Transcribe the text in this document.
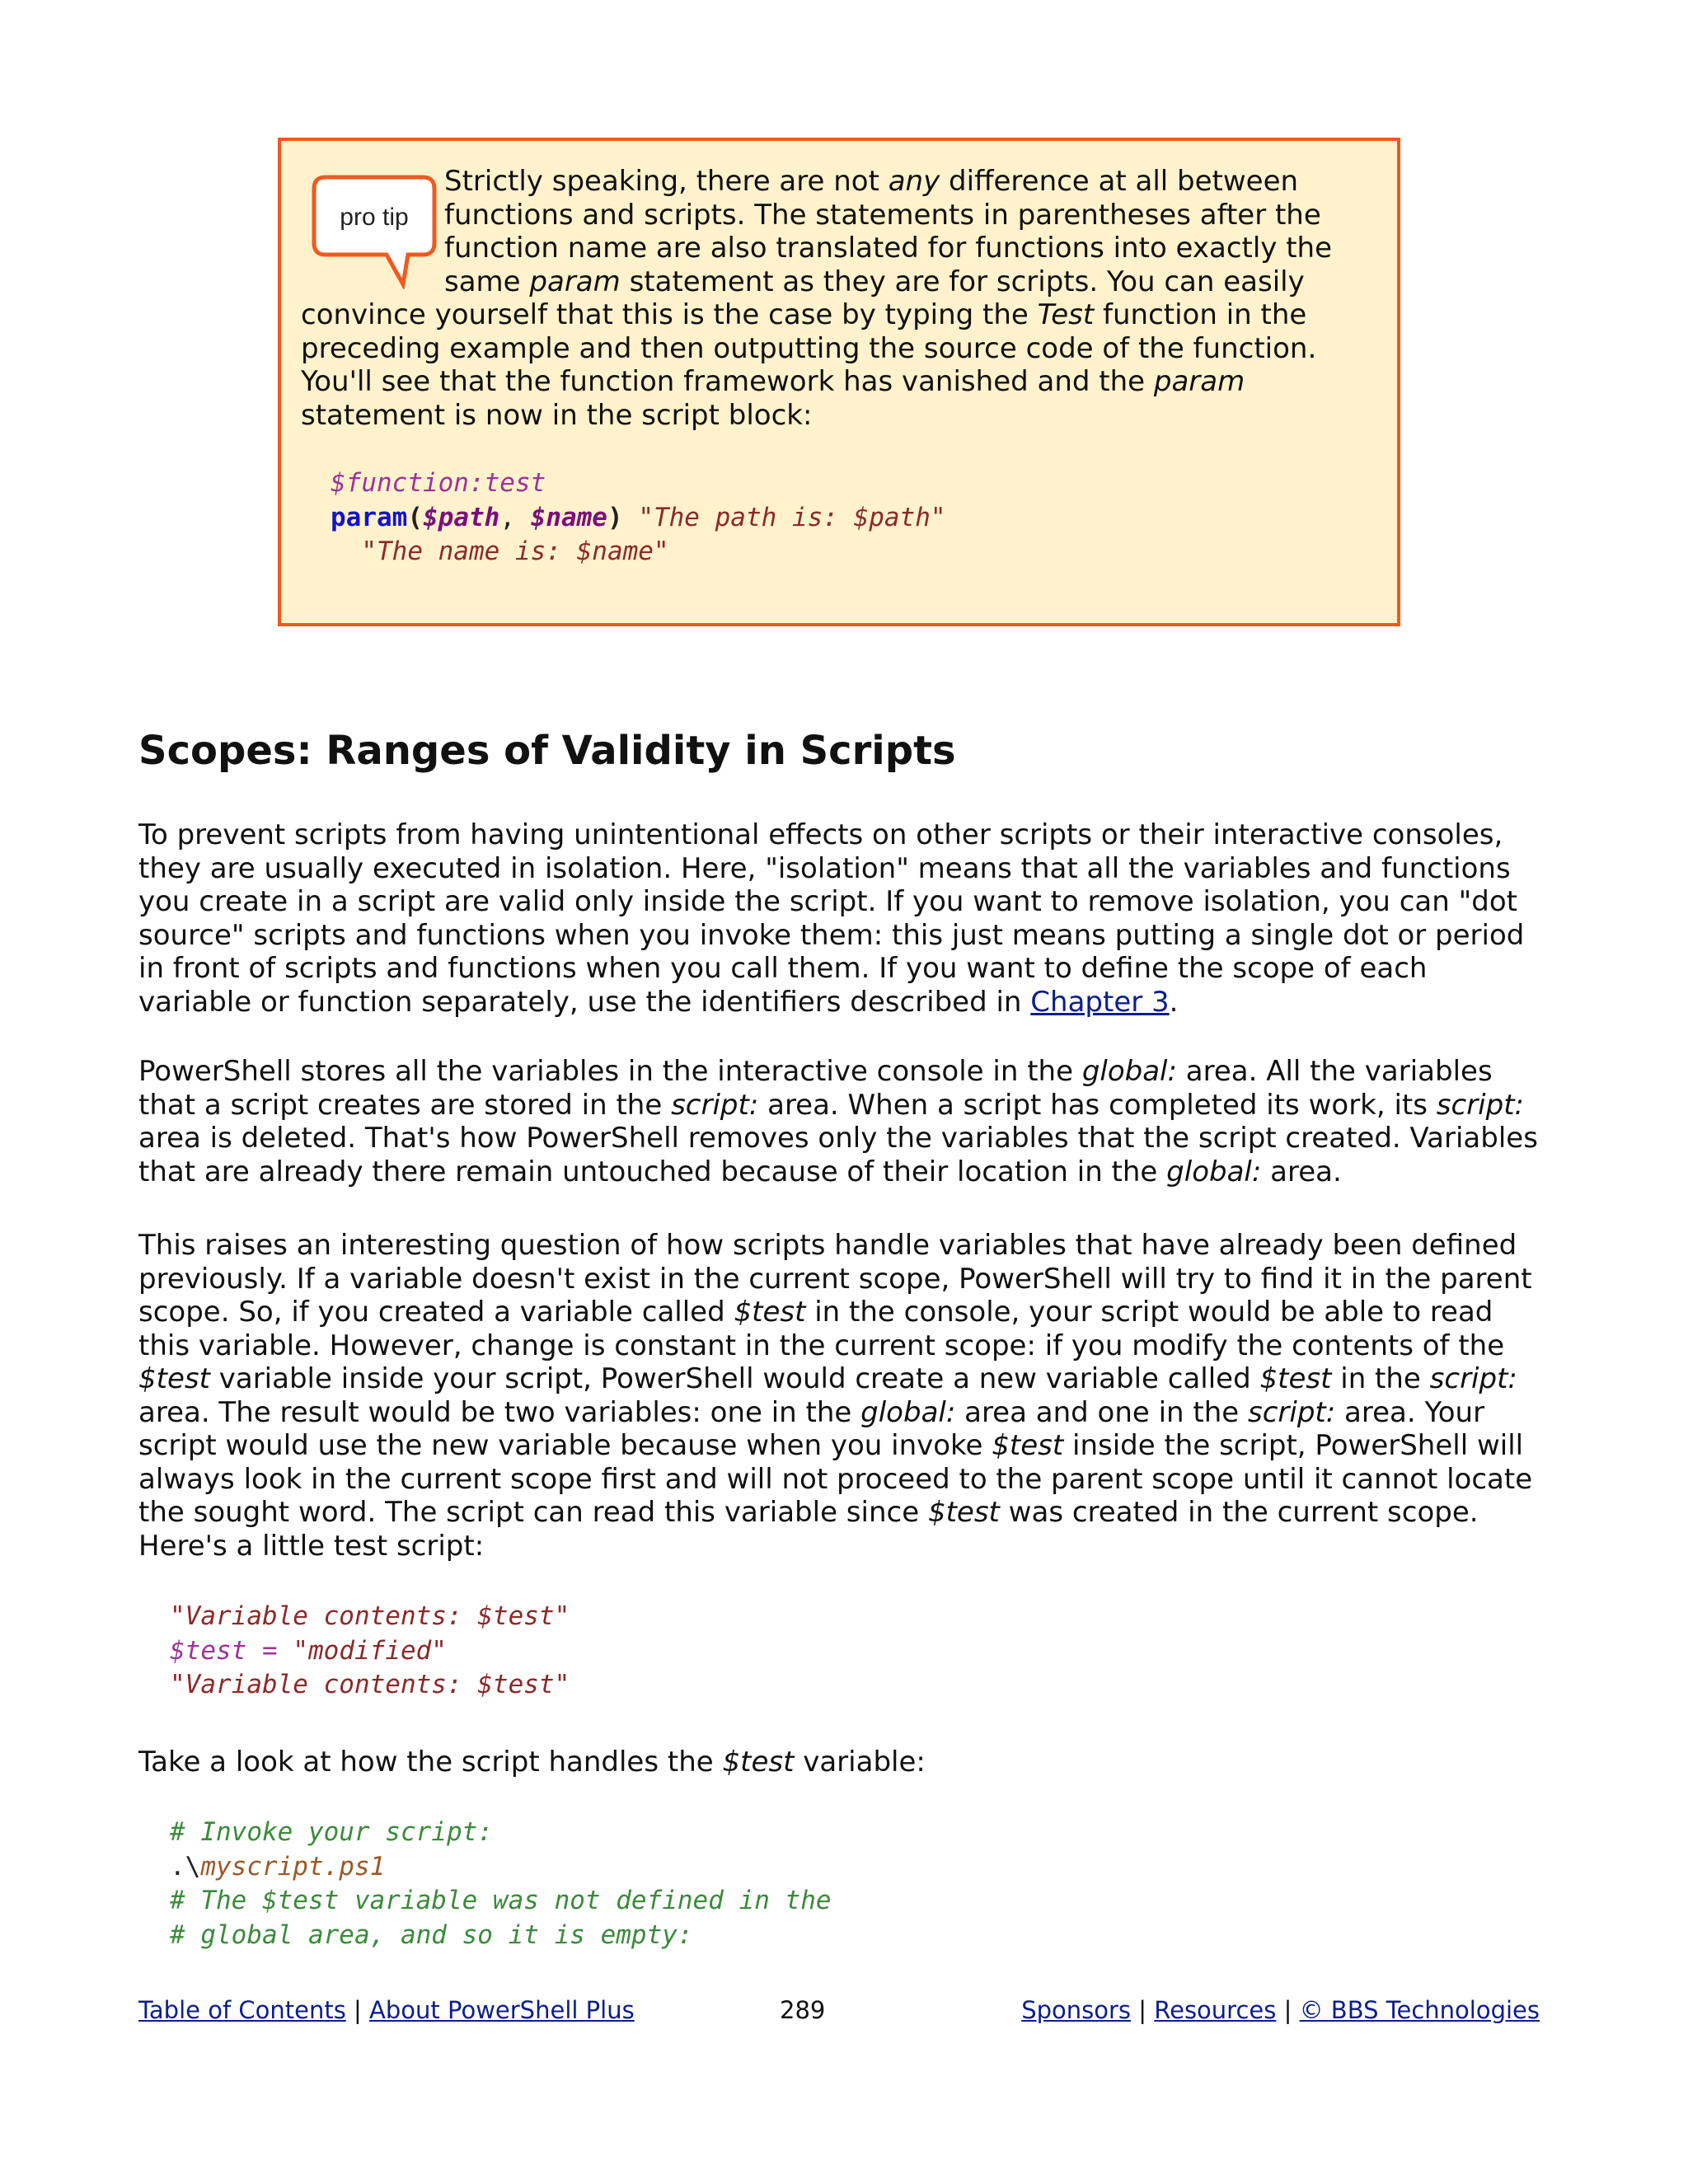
pro tip
Strictly speaking, there are not any difference at all between functions and scripts. The statements in parentheses after the function name are also translated for functions into exactly the same param statement as they are for scripts. You can easily convince yourself that this is the case by typing the Test function in the preceding example and then outputting the source code of the function. You'll see that the function framework has vanished and the param statement is now in the script block:
$function:test
param($path, $name) "The path is: $path"
"The name is: $name"
Scopes: Ranges of Validity in Scripts

To prevent scripts from having unintentional effects on other scripts or their interactive consoles, they are usually executed in isolation. Here, "isolation" means that all the variables and functions you create in a script are valid only inside the script. If you want to remove isolation, you can "dot source" scripts and functions when you invoke them: this just means putting a single dot or period in front of scripts and functions when you call them. If you want to define the scope of each variable or function separately, use the identifiers described in Chapter 3.

PowerShell stores all the variables in the interactive console in the global: area. All the variables that a script creates are stored in the script: area. When a script has completed its work, its script: area is deleted. That's how PowerShell removes only the variables that the script created. Variables that are already there remain untouched because of their location in the global: area.

This raises an interesting question of how scripts handle variables that have already been defined previously. If a variable doesn't exist in the current scope, PowerShell will try to find it in the parent scope. So, if you created a variable called $test in the console, your script would be able to read this variable. However, change is constant in the current scope: if you modify the contents of the $test variable inside your script, PowerShell would create a new variable called $test in the script: area. The result would be two variables: one in the global: area and one in the script: area. Your script would use the new variable because when you invoke $test inside the script, PowerShell will always look in the current scope first and will not proceed to the parent scope until it cannot locate the sought word. The script can read this variable since $test was created in the current scope. Here's a little test script:

"Variable contents: $test"
$test = "modified"
"Variable contents: $test"

Take a look at how the script handles the $test variable:

# Invoke your script:
.\myscript.ps1
# The $test variable was not defined in the
# global area, and so it is empty:
Table of Contents | About PowerShell Plus	289	Sponsors | Resources | © BBS Technologies
